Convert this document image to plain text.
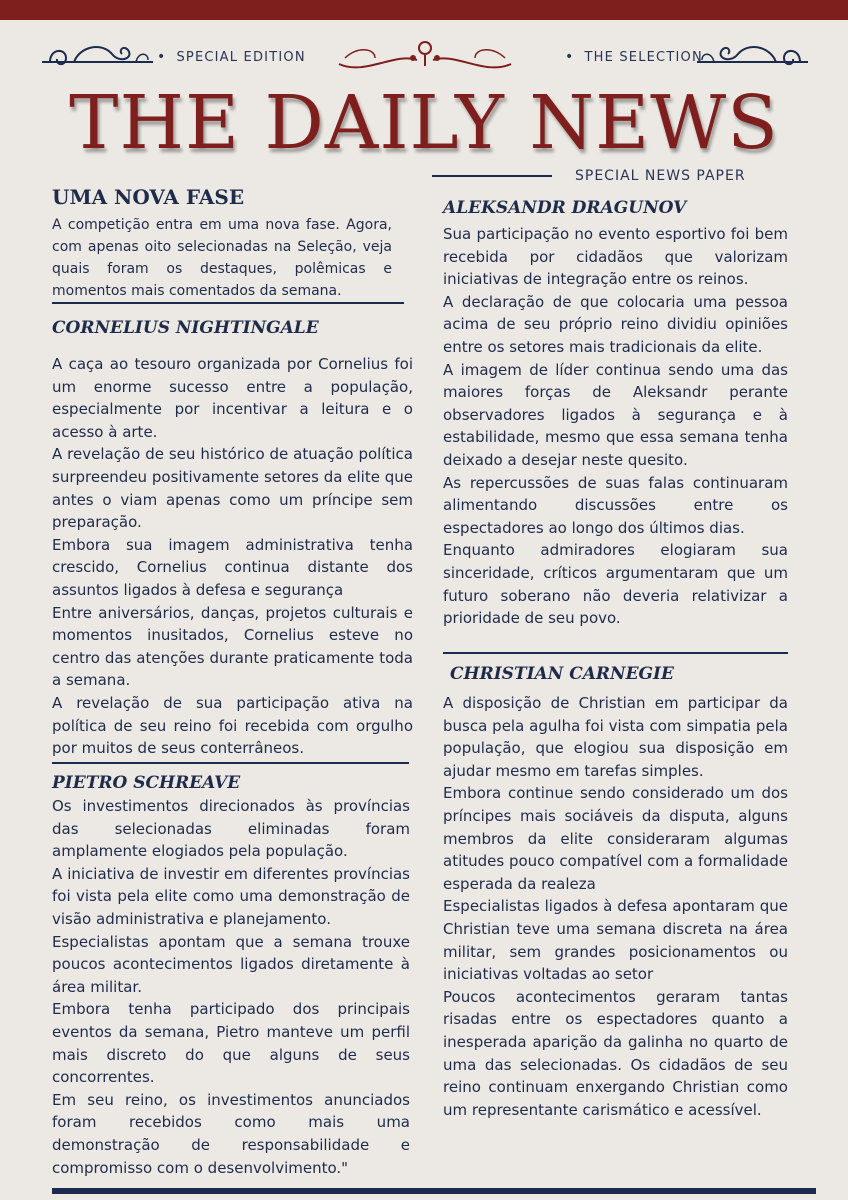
• SPECIAL EDITION	• THE SELECTION
THE DAILY NEWS
SPECIAL NEWS PAPER
UMA NOVA FASE
A competição entra em uma nova fase. Agora, com apenas oito selecionadas na Seleção, veja quais foram os destaques, polêmicas e momentos mais comentados da semana.
CORNELIUS NIGHTINGALE

A caça ao tesouro organizada por Cornelius foi um enorme sucesso entre a população, especialmente por incentivar a leitura e o acesso à arte.

A revelação de seu histórico de atuação política surpreendeu positivamente setores da elite que antes o viam apenas como um príncipe sem preparação.

Embora sua imagem administrativa tenha crescido, Cornelius continua distante dos assuntos ligados à defesa e segurança

Entre aniversários, danças, projetos culturais e momentos inusitados, Cornelius esteve no centro das atenções durante praticamente toda a semana.

A revelação de sua participação ativa na política de seu reino foi recebida com orgulho por muitos de seus conterrâneos.

PIETRO SCHREAVE

Os investimentos direcionados às províncias das selecionadas eliminadas foram amplamente elogiados pela população.

A iniciativa de investir em diferentes províncias foi vista pela elite como uma demonstração de visão administrativa e planejamento.

Especialistas apontam que a semana trouxe poucos acontecimentos ligados diretamente à área militar.

Embora tenha participado dos principais eventos da semana, Pietro manteve um perfil mais discreto do que alguns de seus concorrentes.

Em seu reino, os investimentos anunciados foram recebidos como mais uma demonstração de responsabilidade e compromisso com o desenvolvimento."

ALEKSANDR DRAGUNOV

Sua participação no evento esportivo foi bem recebida por cidadãos que valorizam iniciativas de integração entre os reinos.

A declaração de que colocaria uma pessoa acima de seu próprio reino dividiu opiniões entre os setores mais tradicionais da elite.

A imagem de líder continua sendo uma das maiores forças de Aleksandr perante observadores ligados à segurança e à estabilidade, mesmo que essa semana tenha deixado a desejar neste quesito.

As repercussões de suas falas continuaram alimentando discussões entre os espectadores ao longo dos últimos dias.

Enquanto admiradores elogiaram sua sinceridade, críticos argumentaram que um futuro soberano não deveria relativizar a prioridade de seu povo.

CHRISTIAN CARNEGIE

A disposição de Christian em participar da busca pela agulha foi vista com simpatia pela população, que elogiou sua disposição em ajudar mesmo em tarefas simples.

Embora continue sendo considerado um dos príncipes mais sociáveis da disputa, alguns membros da elite consideraram algumas atitudes pouco compatível com a formalidade esperada da realeza

Especialistas ligados à defesa apontaram que Christian teve uma semana discreta na área militar, sem grandes posicionamentos ou iniciativas voltadas ao setor

Poucos acontecimentos geraram tantas risadas entre os espectadores quanto a inesperada aparição da galinha no quarto de uma das selecionadas. Os cidadãos de seu reino continuam enxergando Christian como um representante carismático e acessível.
